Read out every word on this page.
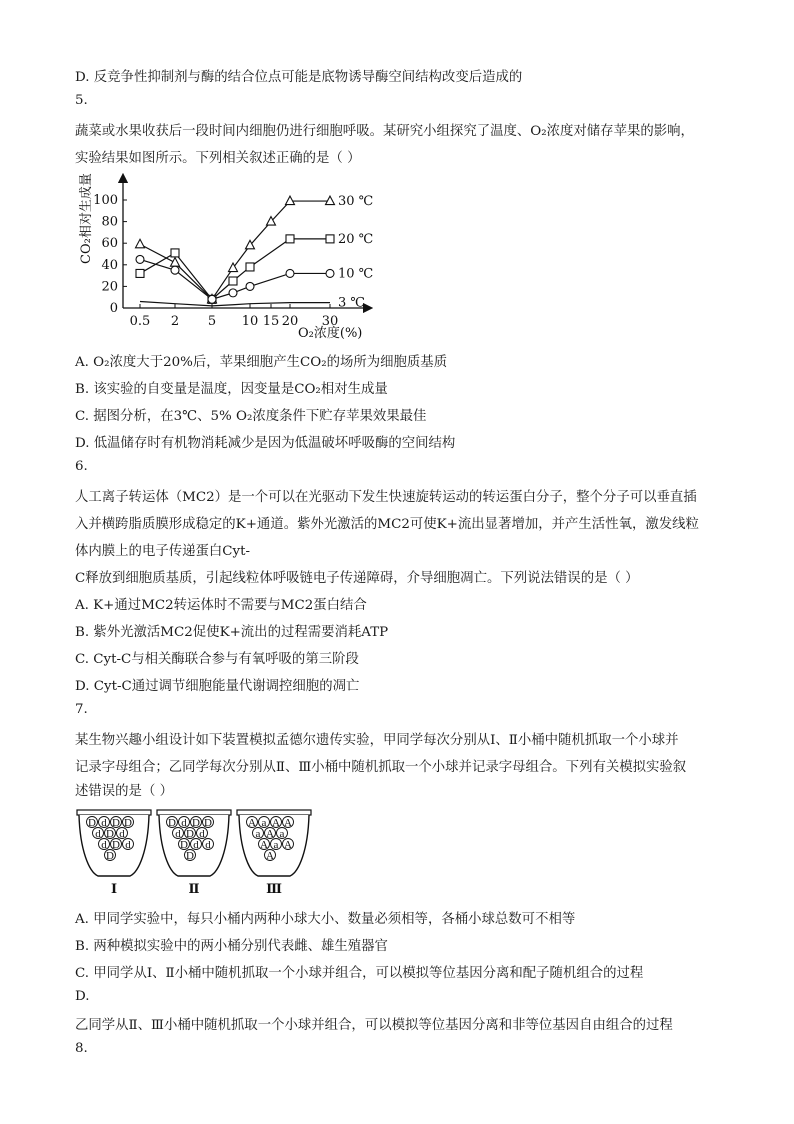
D. 反竞争性抑制剂与酶的结合位点可能是底物诱导酶空间结构改变后造成的
5.
蔬菜或水果收获后一段时间内细胞仍进行细胞呼吸。某研究小组探究了温度、O₂浓度对储存苹果的影响，
实验结果如图所示。下列相关叙述正确的是（ ）
0
20
40
60
80
100
0.5 2 5 10 15 20 30
30 ℃
20 ℃
10 ℃
3 ℃
CO₂相对生成量
O₂浓度(%)
A. O₂浓度大于20%后，苹果细胞产生CO₂的场所为细胞质基质
B. 该实验的自变量是温度，因变量是CO₂相对生成量
C. 据图分析，在3℃、5% O₂浓度条件下贮存苹果效果最佳
D. 低温储存时有机物消耗减少是因为低温破坏呼吸酶的空间结构
6.
人工离子转运体（MC2）是一个可以在光驱动下发生快速旋转运动的转运蛋白分子，整个分子可以垂直插
入并横跨脂质膜形成稳定的K+通道。紫外光激活的MC2可使K+流出显著增加，并产生活性氧，激发线粒
体内膜上的电子传递蛋白Cyt-
C释放到细胞质基质，引起线粒体呼吸链电子传递障碍，介导细胞凋亡。下列说法错误的是（ ）
A. K+通过MC2转运体时不需要与MC2蛋白结合
B. 紫外光激活MC2促使K+流出的过程需要消耗ATP
C. Cyt-C与相关酶联合参与有氧呼吸的第三阶段
D. Cyt-C通过调节细胞能量代谢调控细胞的凋亡
7.
某生物兴趣小组设计如下装置模拟孟德尔遗传实验，甲同学每次分别从Ⅰ、Ⅱ小桶中随机抓取一个小球并
记录字母组合；乙同学每次分别从Ⅱ、Ⅲ小桶中随机抓取一个小球并记录字母组合。下列有关模拟实验叙
述错误的是（ ）
D d D D
d D d
d D d
D
Ⅰ
D d D D
d D d
D d d
D
Ⅱ
A a A A
a A a
A a A
A
Ⅲ
A. 甲同学实验中，每只小桶内两种小球大小、数量必须相等，各桶小球总数可不相等
B. 两种模拟实验中的两小桶分别代表雌、雄生殖器官
C. 甲同学从Ⅰ、Ⅱ小桶中随机抓取一个小球并组合，可以模拟等位基因分离和配子随机组合的过程
D.
乙同学从Ⅱ、Ⅲ小桶中随机抓取一个小球并组合，可以模拟等位基因分离和非等位基因自由组合的过程
8.
